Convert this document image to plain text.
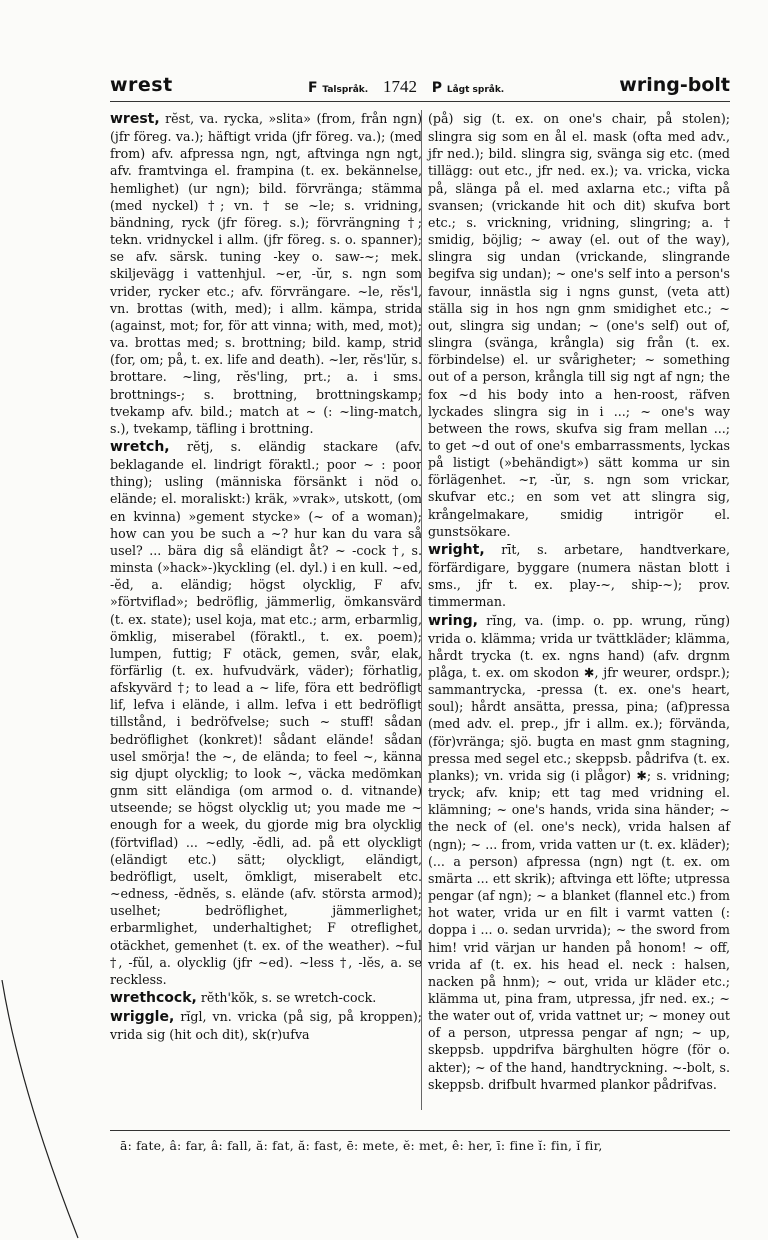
wrest	F Talspråk. 1742 P Lågt språk.	wring-bolt

wrest, rĕst, va. rycka, »slita» (from, från ngn) (jfr föreg. va.); häftigt vrida (jfr föreg. va.); (med from) afv. afpressa ngn, ngt, aftvinga ngn ngt, afv. framtvinga el. frampina (t. ex. bekännelse, hemlighet) (ur ngn); bild. förvränga; stämma (med nyckel) †; vn. † se ~le; s. vridning, bändning, ryck (jfr föreg. s.); förvrängning †; tekn. vridnyckel i allm. (jfr föreg. s. o. spanner); se afv. särsk. tuning -key o. saw-~; mek. skiljevägg i vattenhjul. ~er, -ŭr, s. ngn som vrider, rycker etc.; afv. förvrängare. ~le, rĕs'l, vn. brottas (with, med); i allm. kämpa, strida (against, mot; for, för att vinna; with, med, mot); va. brottas med; s. brottning; bild. kamp, strid (for, om; på, t. ex. life and death). ~ler, rĕs'lŭr, s. brottare. ~ling, rĕs'ling, prt.; a. i sms. brottnings-; s. brottning, brottningskamp; tvekamp afv. bild.; match at ~ (: ~ling-match, s.), tvekamp, täfling i brottning.

wretch, rĕtj, s. eländig stackare (afv. beklagande el. lindrigt föraktl.; poor ~ : poor thing); usling (människa försänkt i nöd o. elände; el. moraliskt:) kräk, »vrak», utskott, (om en kvinna) »gement stycke» (~ of a woman); how can you be such a ~? hur kan du vara så usel? ... bära dig så eländigt åt? ~ -cock †, s. minsta (»hack»-)kyckling (el. dyl.) i en kull. ~ed, -ĕd, a. eländig; högst olycklig, F afv. »förtviflad»; bedröflig, jämmerlig, ömkansvärd (t. ex. state); usel koja, mat etc.; arm, erbarmlig, ömklig, miserabel (föraktl., t. ex. poem); lumpen, futtig; F otäck, gemen, svår, elak, förfärlig (t. ex. hufvudvärk, väder); förhatlig, afskyvärd †; to lead a ~ life, föra ett bedröfligt lif, lefva i elände, i allm. lefva i ett bedröfligt tillstånd, i bedröfvelse; such ~ stuff! sådan bedröflighet (konkret)! sådant elände! sådan usel smörja! the ~, de elända; to feel ~, känna sig djupt olycklig; to look ~, väcka medömkan gnm sitt eländiga (om armod o. d. vitnande) utseende; se högst olycklig ut; you made me ~ enough for a week, du gjorde mig bra olycklig (förtviflad) ... ~edly, -ĕdli, ad. på ett olyckligt (eländigt etc.) sätt; olyckligt, eländigt, bedröfligt, uselt, ömkligt, miserabelt etc. ~edness, -ĕdnĕs, s. elände (afv. största armod); uselhet; bedröflighet, jämmerlighet; erbarmlighet, underhaltighet; F otreflighet, otäckhet, gemenhet (t. ex. of the weather). ~ful †, -fŭl, a. olycklig (jfr ~ed). ~less †, -lĕs, a. se reckless.

wrethcock, rĕth'kŏk, s. se wretch-cock.

wriggle, rĭgl, vn. vricka (på sig, på kroppen); vrida sig (hit och dit), sk(r)ufva

(på) sig (t. ex. on one's chair, på stolen); slingra sig som en ål el. mask (ofta med adv., jfr ned.); bild. slingra sig, svänga sig etc. (med tillägg: out etc., jfr ned. ex.); va. vricka, vicka på, slänga på el. med axlarna etc.; vifta på svansen; (vrickande hit och dit) skufva bort etc.; s. vrickning, vridning, slingring; a. † smidig, böjlig; ~ away (el. out of the way), slingra sig undan (vrickande, slingrande begifva sig undan); ~ one's self into a person's favour, innästla sig i ngns gunst, (veta att) ställa sig in hos ngn gnm smidighet etc.; ~ out, slingra sig undan; ~ (one's self) out of, slingra (svänga, krångla) sig från (t. ex. förbindelse) el. ur svårigheter; ~ something out of a person, krångla till sig ngt af ngn; the fox ~d his body into a hen-roost, räfven lyckades slingra sig in i ...; ~ one's way between the rows, skufva sig fram mellan ...; to get ~d out of one's embarrassments, lyckas på listigt (»behändigt») sätt komma ur sin förlägenhet. ~r, -ŭr, s. ngn som vrickar, skufvar etc.; en som vet att slingra sig, krångelmakare, smidig intrigör el. gunstsökare.

wright, rīt, s. arbetare, handtverkare, förfärdigare, byggare (numera nästan blott i sms., jfr t. ex. play-~, ship-~); prov. timmerman.

wring, rĭng, va. (imp. o. pp. wrung, rŭng) vrida o. klämma; vrida ur tvättkläder; klämma, hårdt trycka (t. ex. ngns hand) (afv. drgnm plåga, t. ex. om skodon ✱, jfr weurer, ordspr.); sammantrycka, -pressa (t. ex. one's heart, soul); hårdt ansätta, pressa, pina; (af)pressa (med adv. el. prep., jfr i allm. ex.); förvända, (för)vränga; sjö. bugta en mast gnm stagning, pressa med segel etc.; skeppsb. pådrifva (t. ex. planks); vn. vrida sig (i plågor) ✱; s. vridning; tryck; afv. knip; ett tag med vridning el. klämning; ~ one's hands, vrida sina händer; ~ the neck of (el. one's neck), vrida halsen af (ngn); ~ ... from, vrida vatten ur (t. ex. kläder); (... a person) afpressa (ngn) ngt (t. ex. om smärta ... ett skrik); aftvinga ett löfte; utpressa pengar (af ngn); ~ a blanket (flannel etc.) from hot water, vrida ur en filt i varmt vatten (: doppa i ... o. sedan urvrida); ~ the sword from him! vrid värjan ur handen på honom! ~ off, vrida af (t. ex. his head el. neck : halsen, nacken på hnm); ~ out, vrida ur kläder etc.; klämma ut, pina fram, utpressa, jfr ned. ex.; ~ the water out of, vrida vattnet ur; ~ money out of a person, utpressa pengar af ngn; ~ up, skeppsb. uppdrifva bärghulten högre (för o. akter); ~ of the hand, handtryckning. ~-bolt, s. skeppsb. drifbult hvarmed plankor pådrifvas.

ā: fate, â: far, â: fall, ă: fat, ă: fast, ē: mete, ĕ: met, ê: her, ī: fine ĭ: fin, ĭ fir,
